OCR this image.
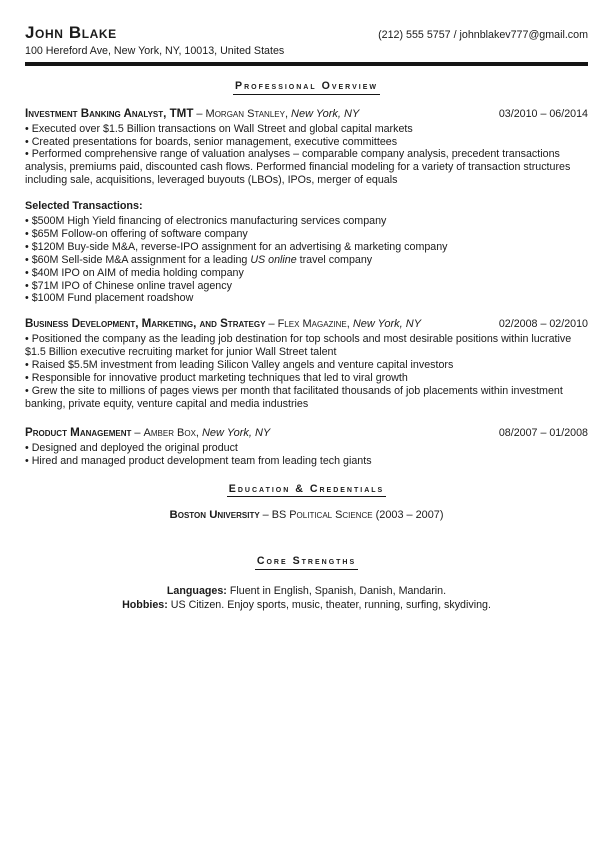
John Blake	(212) 555 5757 / johnblakev777@gmail.com
100 Hereford Ave, New York, NY, 10013, United States
Professional Overview
Investment Banking Analyst, TMT – Morgan Stanley, New York, NY	03/2010 – 06/2014

• Executed over $1.5 Billion transactions on Wall Street and global capital markets

• Created presentations for boards, senior management, executive committees

• Performed comprehensive range of valuation analyses – comparable company analysis, precedent transactions analysis, premiums paid, discounted cash flows. Performed financial modeling for a variety of transaction structures including sale, acquisitions, leveraged buyouts (LBOs), IPOs, merger of equals

Selected Transactions:

• $500M High Yield financing of electronics manufacturing services company

• $65M Follow-on offering of software company

• $120M Buy-side M&A, reverse-IPO assignment for an advertising & marketing company

• $60M Sell-side M&A assignment for a leading US online travel company

• $40M IPO on AIM of media holding company

• $71M IPO of Chinese online travel agency

• $100M Fund placement roadshow

Business Development, Marketing, and Strategy – Flex Magazine, New York, NY	02/2008 – 02/2010

• Positioned the company as the leading job destination for top schools and most desirable positions within lucrative $1.5 Billion executive recruiting market for junior Wall Street talent

• Raised $5.5M investment from leading Silicon Valley angels and venture capital investors

• Responsible for innovative product marketing techniques that led to viral growth

• Grew the site to millions of pages views per month that facilitated thousands of job placements within investment banking, private equity, venture capital and media industries

Product Management – Amber Box, New York, NY	08/2007 – 01/2008

• Designed and deployed the original product

• Hired and managed product development team from leading tech giants

Education & Credentials
Boston University – BS Political Science (2003 – 2007)
Core Strengths
Languages: Fluent in English, Spanish, Danish, Mandarin.
Hobbies: US Citizen. Enjoy sports, music, theater, running, surfing, skydiving.
